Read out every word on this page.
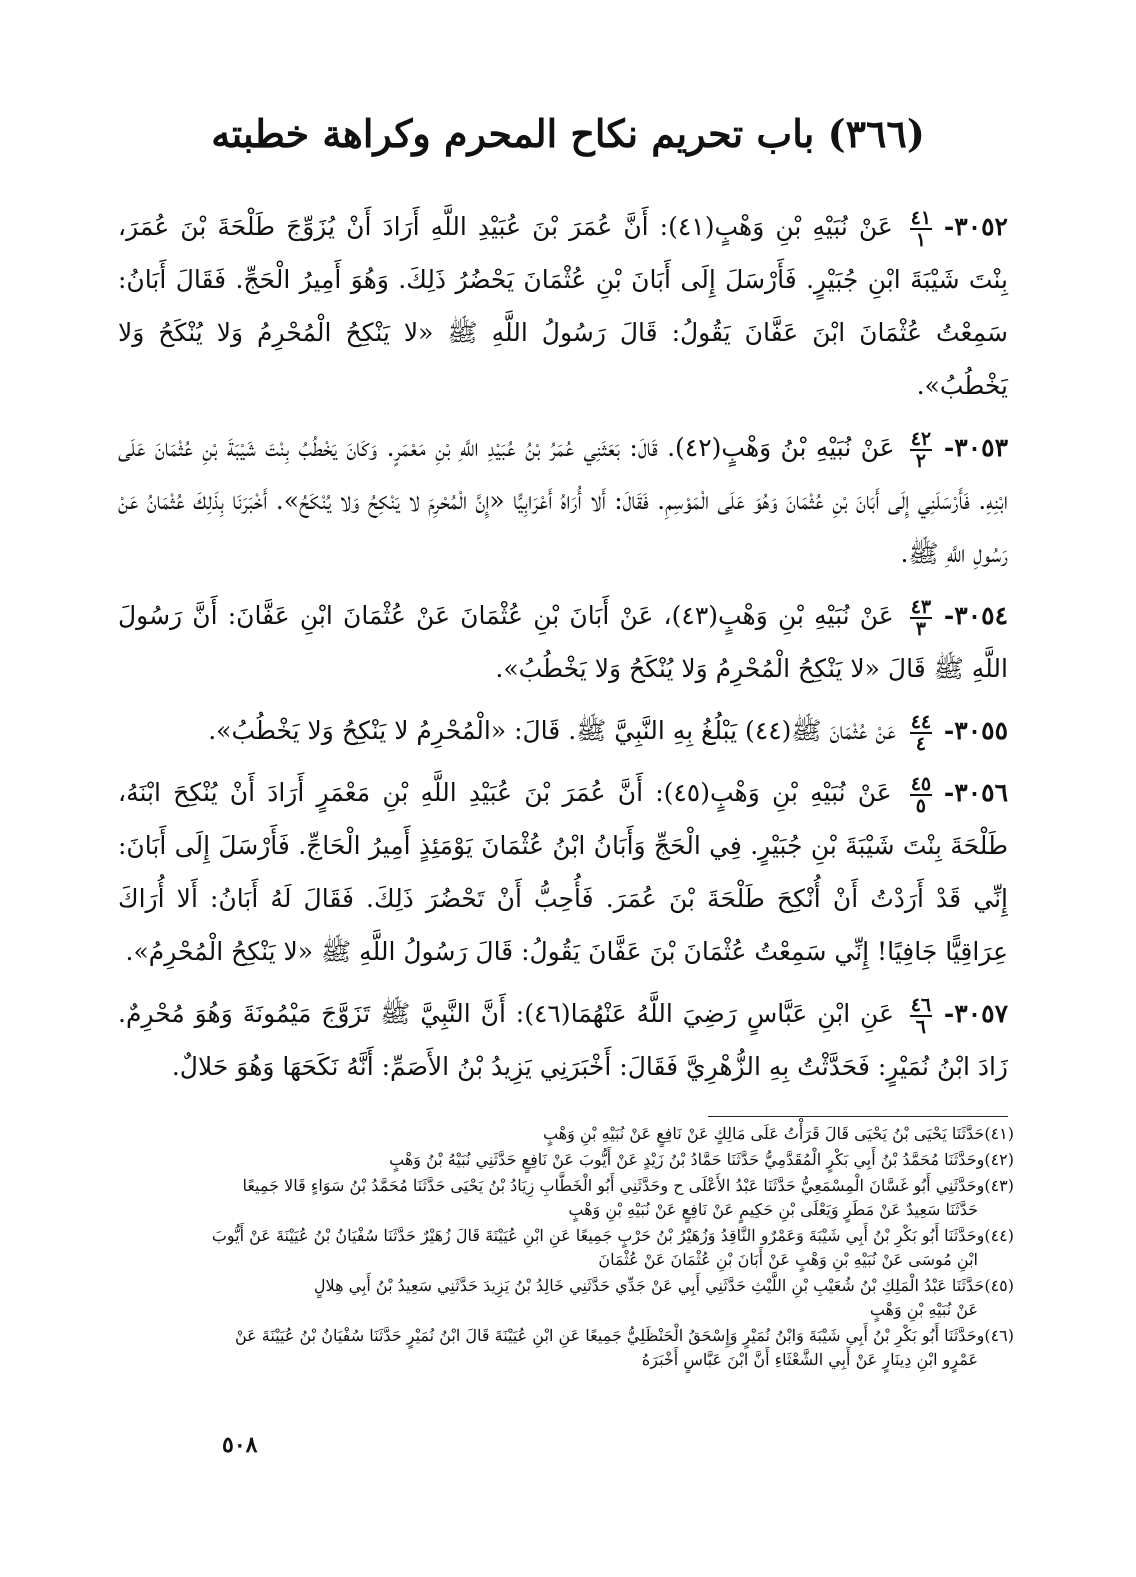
(٣٦٦) باب تحريم نكاح المحرم وكراهة خطبته
٣٠٥٢-
٤١
١
عَنْ نُبَيْهِ بْنِ وَهْبٍ(٤١): أَنَّ عُمَرَ بْنَ عُبَيْدِ اللَّهِ أَرَادَ أَنْ يُزَوِّجَ طَلْحَةَ بْنَ عُمَرَ، بِنْتَ شَيْبَةَ ابْنِ جُبَيْرٍ. فَأَرْسَلَ إِلَى أَبَانَ بْنِ عُثْمَانَ يَحْضُرُ ذَلِكَ. وَهُوَ أَمِيرُ الْحَجِّ. فَقَالَ أَبَانُ: سَمِعْتُ عُثْمَانَ ابْنَ عَفَّانَ يَقُولُ: قَالَ رَسُولُ اللَّهِ ﷺ «لا يَنْكِحُ الْمُحْرِمُ وَلا يُنْكَحُ وَلا يَخْطُبُ».
٣٠٥٣-
٤٢
٢
عَنْ نُبَيْهِ بْنُ وَهْبٍ(٤٢). قَالَ: بَعَثَنِي عُمَرُ بْنُ عُبَيْدِ اللَّهِ بْنِ مَعْمَرٍ. وَكَانَ يَخْطُبُ بِنْتَ شَيْبَةَ بْنِ عُثْمَانَ عَلَى ابْنِهِ. فَأَرْسَلَنِي إِلَى أَبَانَ بْنِ عُثْمَانَ وَهُوَ عَلَى الْمَوْسِمِ. فَقَالَ: أَلا أُرَاهُ أَعْرَابِيًّا «إِنَّ الْمُحْرِمَ لا يَنْكِحُ وَلا يُنْكَحُ». أَخْبَرَنَا بِذَلِكَ عُثْمَانُ عَنْ رَسُولِ اللَّهِ ﷺ.
٣٠٥٤-
٤٣
٣
عَنْ نُبَيْهِ بْنِ وَهْبٍ(٤٣)، عَنْ أَبَانَ بْنِ عُثْمَانَ عَنْ عُثْمَانَ ابْنِ عَفَّانَ: أَنَّ رَسُولَ اللَّهِ ﷺ قَالَ «لا يَنْكِحُ الْمُحْرِمُ وَلا يُنْكَحُ وَلا يَخْطُبُ».
٣٠٥٥-
٤٤
٤
عَنْ عُثْمَانَ ﷺ(٤٤) يَبْلُغُ بِهِ النَّبِيَّ ﷺ. قَالَ: «الْمُحْرِمُ لا يَنْكِحُ وَلا يَخْطُبُ».
٣٠٥٦-
٤٥
٥
عَنْ نُبَيْهِ بْنِ وَهْبٍ(٤٥): أَنَّ عُمَرَ بْنَ عُبَيْدِ اللَّهِ بْنِ مَعْمَرٍ أَرَادَ أَنْ يُنْكِحَ ابْنَهُ، طَلْحَةَ بِنْتَ شَيْبَةَ بْنِ جُبَيْرٍ. فِي الْحَجِّ وَأَبَانُ ابْنُ عُثْمَانَ يَوْمَئِذٍ أَمِيرُ الْحَاجِّ. فَأَرْسَلَ إِلَى أَبَانَ: إِنِّي قَدْ أَرَدْتُ أَنْ أُنْكِحَ طَلْحَةَ بْنَ عُمَرَ. فَأُحِبُّ أَنْ تَحْضُرَ ذَلِكَ. فَقَالَ لَهُ أَبَانُ: أَلا أُرَاكَ عِرَاقِيًّا جَافِيًا! إِنِّي سَمِعْتُ عُثْمَانَ بْنَ عَفَّانَ يَقُولُ: قَالَ رَسُولُ اللَّهِ ﷺ «لا يَنْكِحُ الْمُحْرِمُ».
٣٠٥٧-
٤٦
٦
عَنِ ابْنِ عَبَّاسٍ رَضِيَ اللَّهُ عَنْهُمَا(٤٦): أَنَّ النَّبِيَّ ﷺ تَزَوَّجَ مَيْمُونَةَ وَهُوَ مُحْرِمٌ. زَادَ ابْنُ نُمَيْرٍ: فَحَدَّثْتُ بِهِ الزُّهْرِيَّ فَقَالَ: أَخْبَرَنِي يَزِيدُ بْنُ الأَصَمِّ: أَنَّهُ نَكَحَهَا وَهُوَ حَلالٌ.
(٤١)حَدَّثَنَا يَحْيَى بْنُ يَحْيَى قَالَ قَرَأْتُ عَلَى مَالِكٍ عَنْ نَافِعٍ عَنْ نُبَيْهِ بْنِ وَهْبٍ
(٤٢)وحَدَّثَنَا مُحَمَّدُ بْنُ أَبِي بَكْرٍ الْمُقَدَّمِيُّ حَدَّثَنَا حَمَّادُ بْنُ زَيْدٍ عَنْ أَيُّوبَ عَنْ نَافِعٍ حَدَّثَنِي نُبَيْهُ بْنُ وَهْبٍ
(٤٣)وحَدَّثَنِي أَبُو غَسَّانَ الْمِسْمَعِيُّ حَدَّثَنَا عَبْدُ الأَعْلَى ح وحَدَّثَنِي أَبُو الْخَطَّابِ زِيَادُ بْنُ يَحْيَى حَدَّثَنَا مُحَمَّدُ بْنُ سَوَاءٍ قَالا جَمِيعًا
حَدَّثَنَا سَعِيدٌ عَنْ مَطَرٍ وَيَعْلَى بْنِ حَكِيمٍ عَنْ نَافِعٍ عَنْ نُبَيْهِ بْنِ وَهْبٍ
(٤٤)وحَدَّثَنَا أَبُو بَكْرِ بْنُ أَبِي شَيْبَةَ وَعَمْرٌو النَّاقِدُ وَزُهَيْرُ بْنُ حَرْبٍ جَمِيعًا عَنِ ابْنِ عُيَيْنَةَ قَالَ زُهَيْرٌ حَدَّثَنَا سُفْيَانُ بْنُ عُيَيْنَةَ عَنْ أَيُّوبَ
ابْنِ مُوسَى عَنْ نُبَيْهِ بْنِ وَهْبٍ عَنْ أَبَانَ بْنِ عُثْمَانَ عَنْ عُثْمَانَ
(٤٥)حَدَّثَنَا عَبْدُ الْمَلِكِ بْنُ شُعَيْبِ بْنِ اللَّيْثِ حَدَّثَنِي أَبِي عَنْ جَدِّي حَدَّثَنِي خَالِدُ بْنُ يَزِيدَ حَدَّثَنِي سَعِيدُ بْنُ أَبِي هِلالٍ
عَنْ نُبَيْهِ بْنِ وَهْبٍ
(٤٦)وحَدَّثَنَا أَبُو بَكْرِ بْنُ أَبِي شَيْبَةَ وَابْنُ نُمَيْرٍ وَإِسْحَقُ الْحَنْظَلِيُّ جَمِيعًا عَنِ ابْنِ عُيَيْنَةَ قَالَ ابْنُ نُمَيْرٍ حَدَّثَنَا سُفْيَانُ بْنُ عُيَيْنَةَ عَنْ
عَمْرٍو ابْنِ دِينَارٍ عَنْ أَبِي الشَّعْثَاءِ أَنَّ ابْنَ عَبَّاسٍ أَخْبَرَهُ
٥٠٨
